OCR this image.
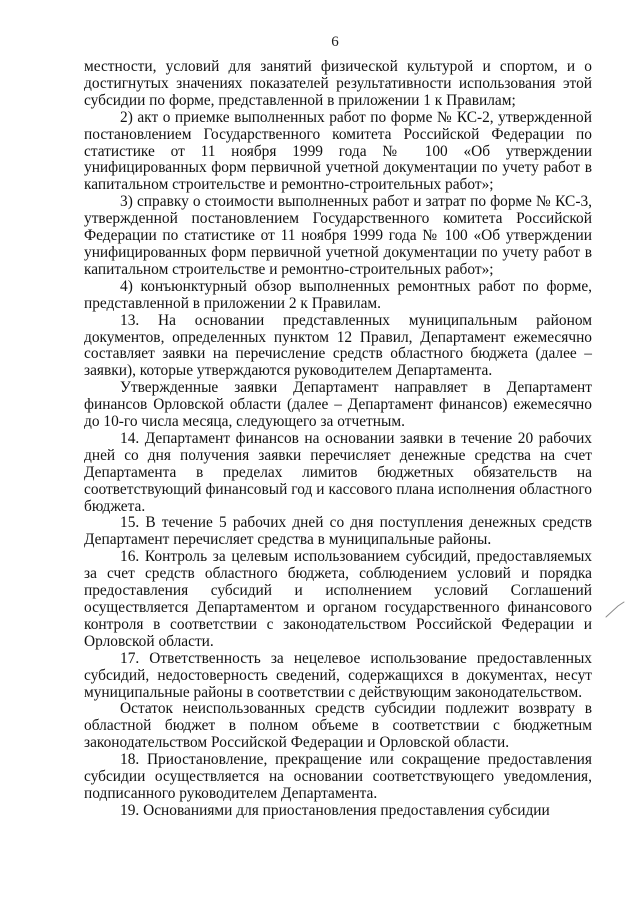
6

местности, условий для занятий физической культурой и спортом, и о достигнутых значениях показателей результативности использования этой субсидии по форме, представленной в приложении 1 к Правилам;

2) акт о приемке выполненных работ по форме № КС-2, утвержденной постановлением Государственного комитета Российской Федерации по статистике от 11 ноября 1999 года № 100 «Об утверждении унифицированных форм первичной учетной документации по учету работ в капитальном строительстве и ремонтно-строительных работ»;

3) справку о стоимости выполненных работ и затрат по форме № КС-3, утвержденной постановлением Государственного комитета Российской Федерации по статистике от 11 ноября 1999 года № 100 «Об утверждении унифицированных форм первичной учетной документации по учету работ в капитальном строительстве и ремонтно-строительных работ»;

4) конъюнктурный обзор выполненных ремонтных работ по форме, представленной в приложении 2 к Правилам.

13. На основании представленных муниципальным районом документов, определенных пунктом 12 Правил, Департамент ежемесячно составляет заявки на перечисление средств областного бюджета (далее – заявки), которые утверждаются руководителем Департамента.

Утвержденные заявки Департамент направляет в Департамент финансов Орловской области (далее – Департамент финансов) ежемесячно до 10-го числа месяца, следующего за отчетным.

14. Департамент финансов на основании заявки в течение 20 рабочих дней со дня получения заявки перечисляет денежные средства на счет Департамента в пределах лимитов бюджетных обязательств на соответствующий финансовый год и кассового плана исполнения областного бюджета.

15. В течение 5 рабочих дней со дня поступления денежных средств Департамент перечисляет средства в муниципальные районы.

16. Контроль за целевым использованием субсидий, предоставляемых за счет средств областного бюджета, соблюдением условий и порядка предоставления субсидий и исполнением условий Соглашений осуществляется Департаментом и органом государственного финансового контроля в соответствии с законодательством Российской Федерации и Орловской области.

17. Ответственность за нецелевое использование предоставленных субсидий, недостоверность сведений, содержащихся в документах, несут муниципальные районы в соответствии с действующим законодательством.

Остаток неиспользованных средств субсидии подлежит возврату в областной бюджет в полном объеме в соответствии с бюджетным законодательством Российской Федерации и Орловской области.

18. Приостановление, прекращение или сокращение предоставления субсидии осуществляется на основании соответствующего уведомления, подписанного руководителем Департамента.

19. Основаниями для приостановления предоставления субсидии
